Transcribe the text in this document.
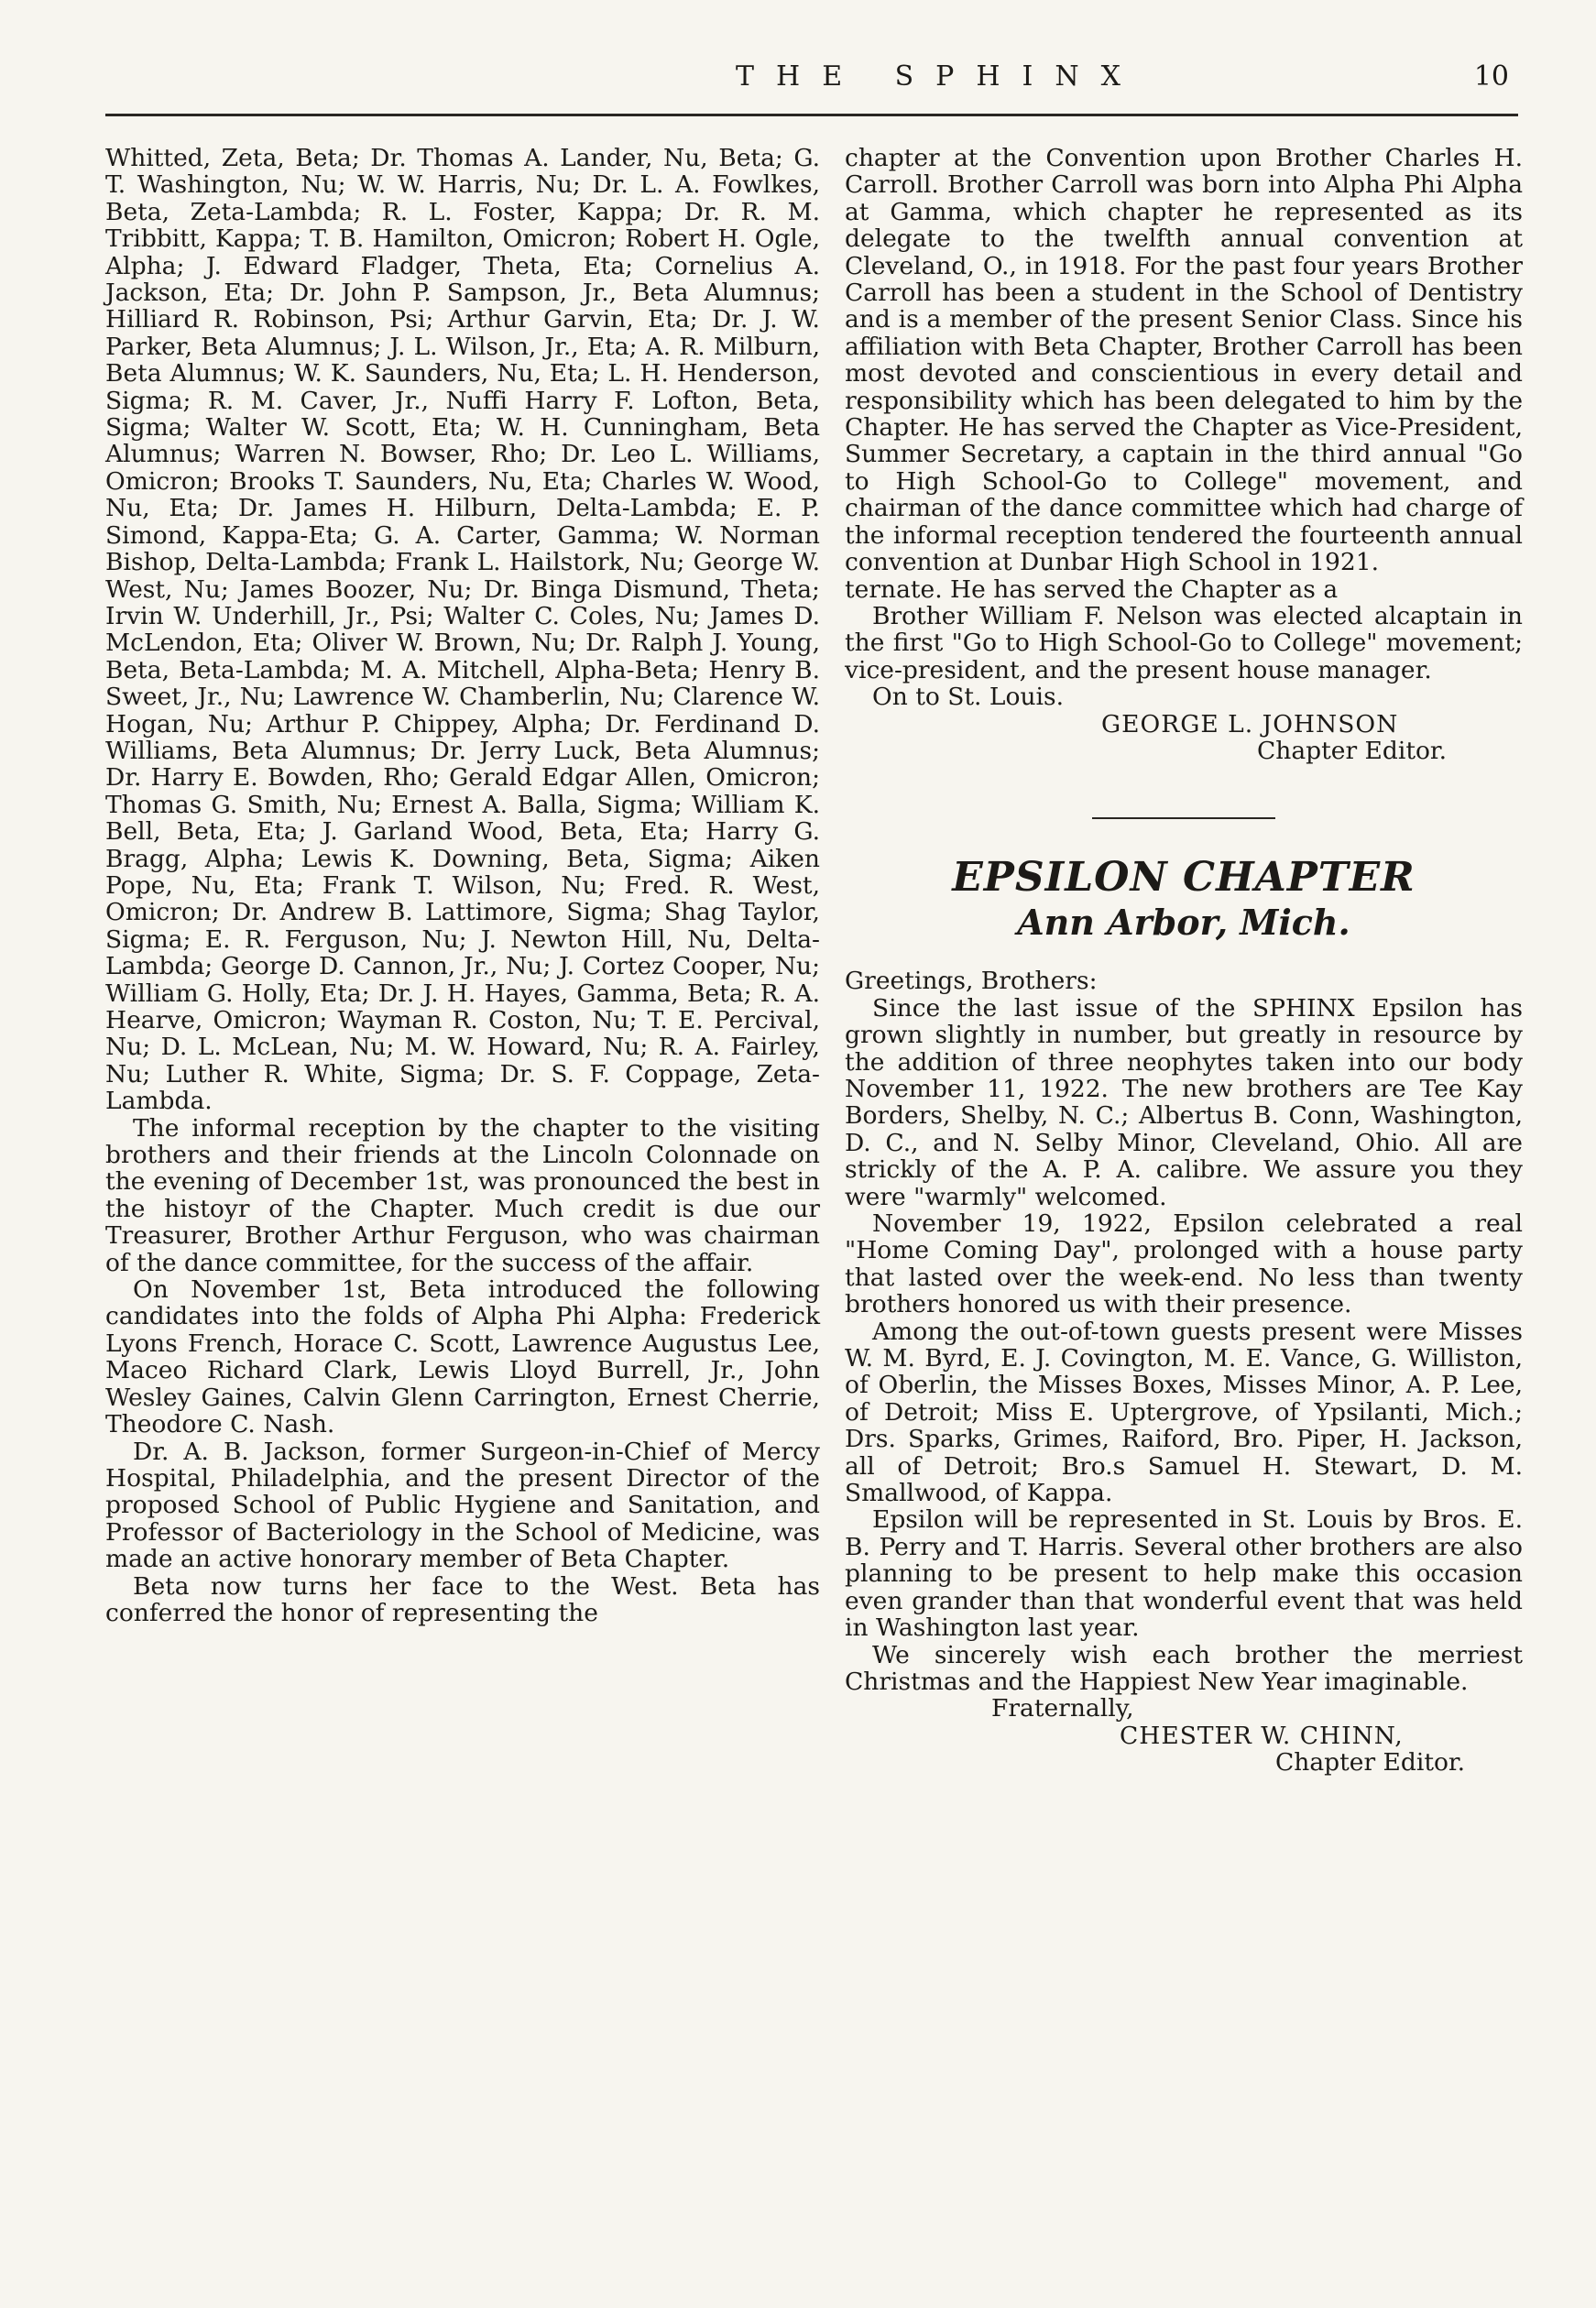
THE SPHINX	10

Whitted, Zeta, Beta; Dr. Thomas A. Lander, Nu, Beta; G. T. Washington, Nu; W. W. Harris, Nu; Dr. L. A. Fowlkes, Beta, Zeta-Lambda; R. L. Foster, Kappa; Dr. R. M. Tribbitt, Kappa; T. B. Hamilton, Omicron; Robert H. Ogle, Alpha; J. Edward Fladger, Theta, Eta; Cornelius A. Jackson, Eta; Dr. John P. Sampson, Jr., Beta Alumnus; Hilliard R. Robinson, Psi; Arthur Garvin, Eta; Dr. J. W. Parker, Beta Alumnus; J. L. Wilson, Jr., Eta; A. R. Milburn, Beta Alumnus; W. K. Saunders, Nu, Eta; L. H. Henderson, Sigma; R. M. Caver, Jr., Nuffi Harry F. Lofton, Beta, Sigma; Walter W. Scott, Eta; W. H. Cunningham, Beta Alumnus; Warren N. Bowser, Rho; Dr. Leo L. Williams, Omicron; Brooks T. Saunders, Nu, Eta; Charles W. Wood, Nu, Eta; Dr. James H. Hilburn, Delta-Lambda; E. P. Simond, Kappa-Eta; G. A. Carter, Gamma; W. Norman Bishop, Delta-Lambda; Frank L. Hailstork, Nu; George W. West, Nu; James Boozer, Nu; Dr. Binga Dismund, Theta; Irvin W. Underhill, Jr., Psi; Walter C. Coles, Nu; James D. McLendon, Eta; Oliver W. Brown, Nu; Dr. Ralph J. Young, Beta, Beta-Lambda; M. A. Mitchell, Alpha-Beta; Henry B. Sweet, Jr., Nu; Lawrence W. Chamberlin, Nu; Clarence W. Hogan, Nu; Arthur P. Chippey, Alpha; Dr. Ferdinand D. Williams, Beta Alumnus; Dr. Jerry Luck, Beta Alumnus; Dr. Harry E. Bowden, Rho; Gerald Edgar Allen, Omicron; Thomas G. Smith, Nu; Ernest A. Balla, Sigma; William K. Bell, Beta, Eta; J. Garland Wood, Beta, Eta; Harry G. Bragg, Alpha; Lewis K. Downing, Beta, Sigma; Aiken Pope, Nu, Eta; Frank T. Wilson, Nu; Fred. R. West, Omicron; Dr. Andrew B. Lattimore, Sigma; Shag Taylor, Sigma; E. R. Ferguson, Nu; J. Newton Hill, Nu, Delta-Lambda; George D. Cannon, Jr., Nu; J. Cortez Cooper, Nu; William G. Holly, Eta; Dr. J. H. Hayes, Gamma, Beta; R. A. Hearve, Omicron; Wayman R. Coston, Nu; T. E. Percival, Nu; D. L. McLean, Nu; M. W. Howard, Nu; R. A. Fairley, Nu; Luther R. White, Sigma; Dr. S. F. Coppage, Zeta-Lambda.

The informal reception by the chapter to the visiting brothers and their friends at the Lincoln Colonnade on the evening of December 1st, was pronounced the best in the histoyr of the Chapter. Much credit is due our Treasurer, Brother Arthur Ferguson, who was chairman of the dance committee, for the success of the affair.

On November 1st, Beta introduced the following candidates into the folds of Alpha Phi Alpha: Frederick Lyons French, Horace C. Scott, Lawrence Augustus Lee, Maceo Richard Clark, Lewis Lloyd Burrell, Jr., John Wesley Gaines, Calvin Glenn Carrington, Ernest Cherrie, Theodore C. Nash.

Dr. A. B. Jackson, former Surgeon-in-Chief of Mercy Hospital, Philadelphia, and the present Director of the proposed School of Public Hygiene and Sanitation, and Professor of Bacteriology in the School of Medicine, was made an active honorary member of Beta Chapter.

Beta now turns her face to the West. Beta has conferred the honor of representing the

chapter at the Convention upon Brother Charles H. Carroll. Brother Carroll was born into Alpha Phi Alpha at Gamma, which chapter he represented as its delegate to the twelfth annual convention at Cleveland, O., in 1918. For the past four years Brother Carroll has been a student in the School of Dentistry and is a member of the present Senior Class. Since his affiliation with Beta Chapter, Brother Carroll has been most devoted and conscientious in every detail and responsibility which has been delegated to him by the Chapter. He has served the Chapter as Vice-President, Summer Secretary, a captain in the third annual "Go to High School-Go to College" movement, and chairman of the dance committee which had charge of the informal reception tendered the fourteenth annual convention at Dunbar High School in 1921.

ternate. He has served the Chapter as a

Brother William F. Nelson was elected alcaptain in the first "Go to High School-Go to College" movement; vice-president, and the present house manager.

On to St. Louis.

GEORGE L. JOHNSON

Chapter Editor.

EPSILON CHAPTER
Ann Arbor, Mich.

Greetings, Brothers:

Since the last issue of the SPHINX Epsilon has grown slightly in number, but greatly in resource by the addition of three neophytes taken into our body November 11, 1922. The new brothers are Tee Kay Borders, Shelby, N. C.; Albertus B. Conn, Washington, D. C., and N. Selby Minor, Cleveland, Ohio. All are strickly of the A. P. A. calibre. We assure you they were "warmly" welcomed.

November 19, 1922, Epsilon celebrated a real "Home Coming Day", prolonged with a house party that lasted over the week-end. No less than twenty brothers honored us with their presence.

Among the out-of-town guests present were Misses W. M. Byrd, E. J. Covington, M. E. Vance, G. Williston, of Oberlin, the Misses Boxes, Misses Minor, A. P. Lee, of Detroit; Miss E. Uptergrove, of Ypsilanti, Mich.; Drs. Sparks, Grimes, Raiford, Bro. Piper, H. Jackson, all of Detroit; Bro.s Samuel H. Stewart, D. M. Smallwood, of Kappa.

Epsilon will be represented in St. Louis by Bros. E. B. Perry and T. Harris. Several other brothers are also planning to be present to help make this occasion even grander than that wonderful event that was held in Washington last year.

We sincerely wish each brother the merriest Christmas and the Happiest New Year imaginable.

Fraternally,

CHESTER W. CHINN,

Chapter Editor.
